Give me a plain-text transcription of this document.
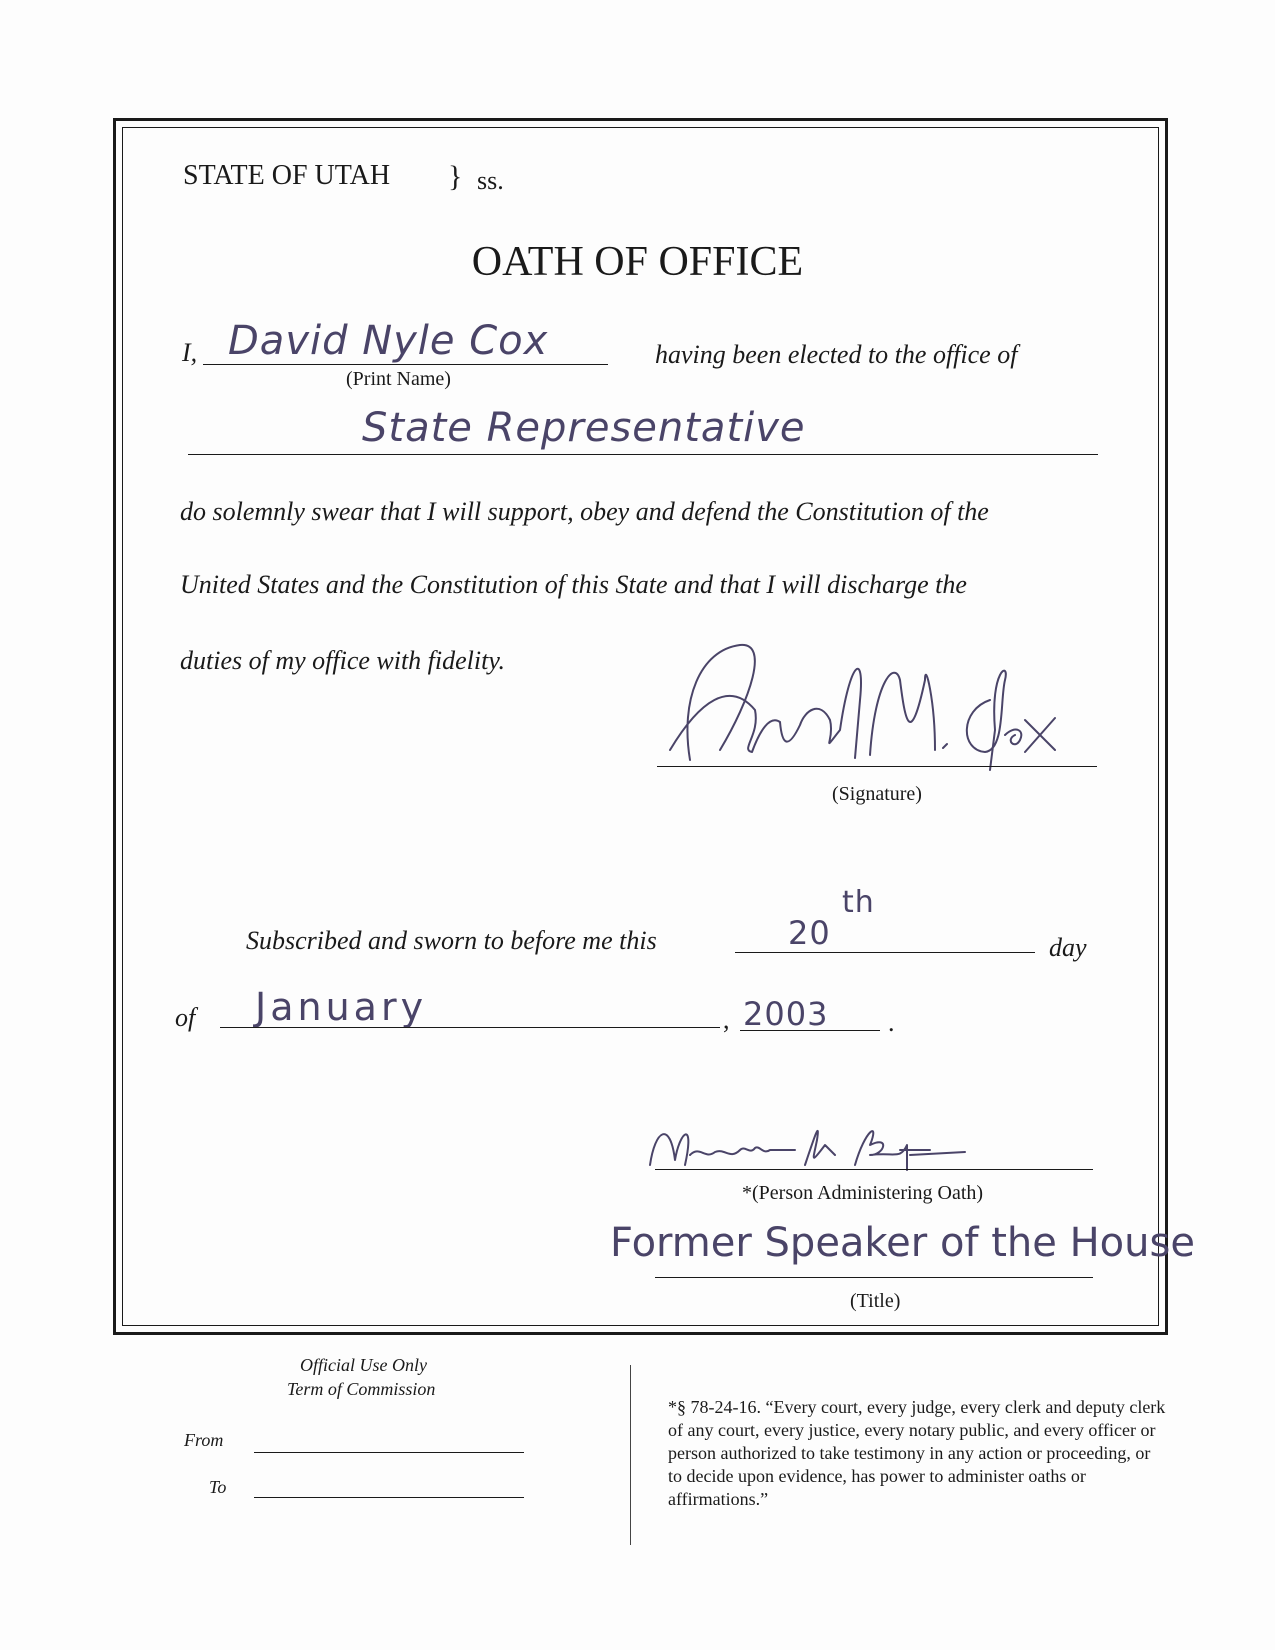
STATE OF UTAH } ss.
OATH OF OFFICE
I, David Nyle Cox
(Print Name)
having been elected to the office of
State Representative
do solemnly swear that I will support, obey and defend the Constitution of the
United States and the Constitution of this State and that I will discharge the
duties of my office with fidelity.
(Signature)
Subscribed and sworn to before me this	20
th
day
of January	, 2003 .
*(Person Administering Oath)
Former Speaker of the House
(Title)
Official Use Only
Term of Commission
From
To
*§ 78-24-16. “Every court, every judge, every clerk and deputy clerk of any court, every justice, every notary public, and every officer or person authorized to take testimony in any action or proceeding, or to decide upon evidence, has power to administer oaths or affirmations.”
